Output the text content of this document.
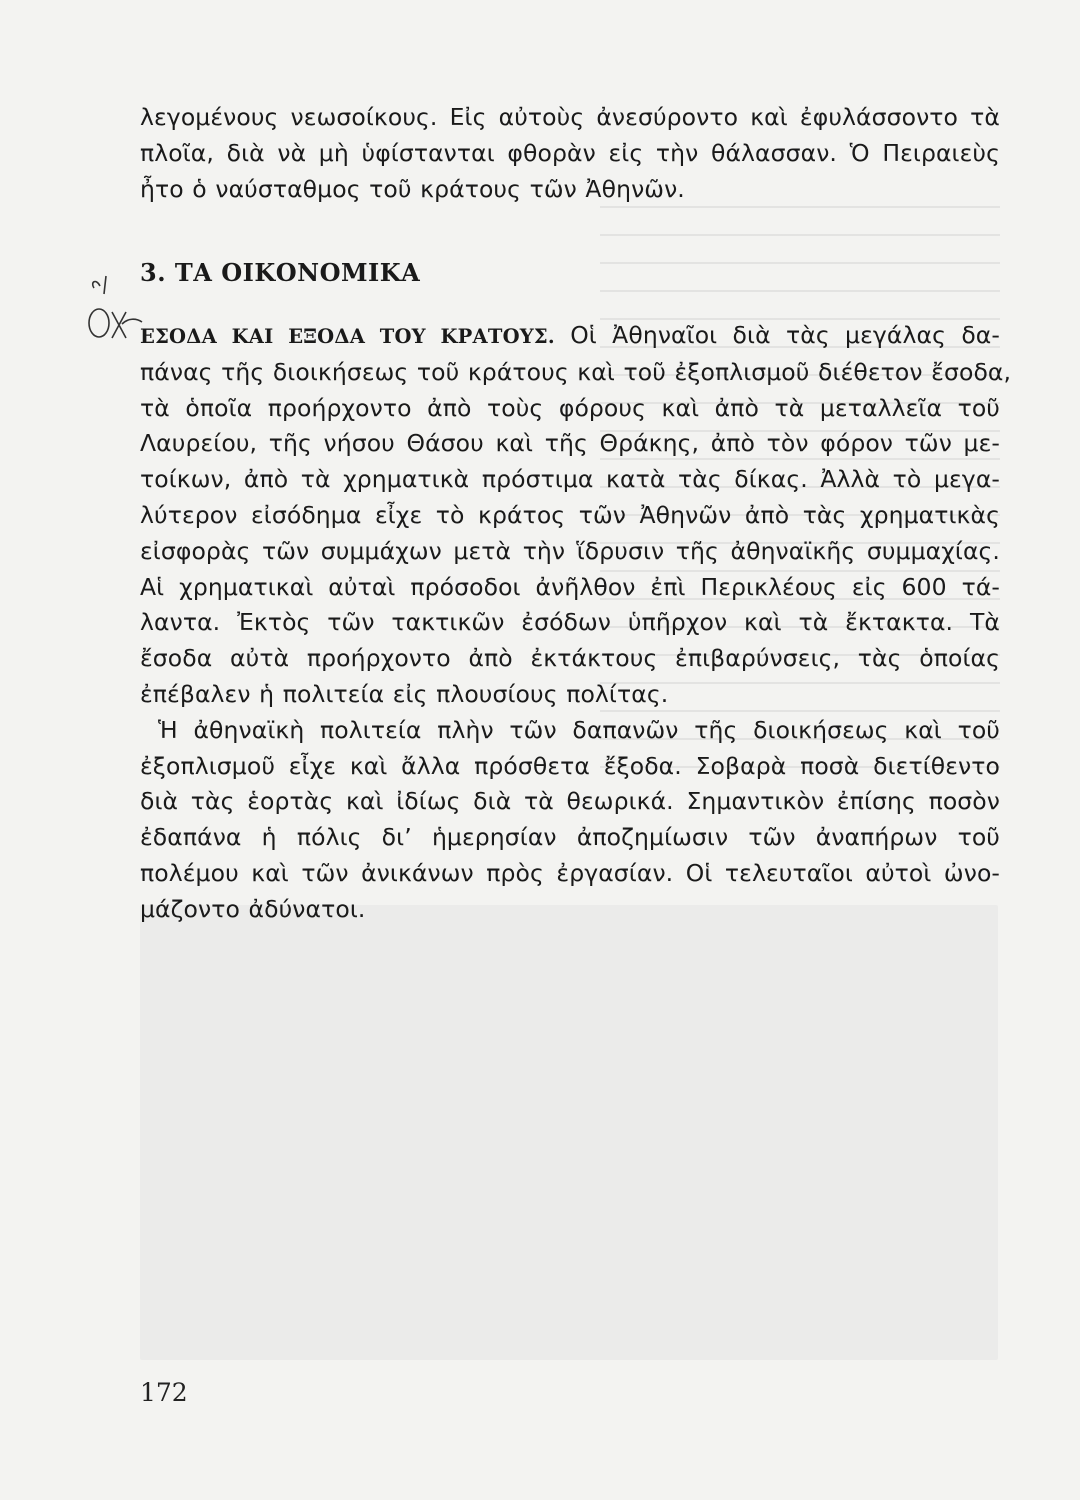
λεγομένους νεωσοίκους. Εἰς αὐτοὺς ἀνεσύροντο καὶ ἐφυλάσσοντο τὰ
πλοῖα, διὰ νὰ μὴ ὑφίστανται φθορὰν εἰς τὴν θάλασσαν. Ὁ Πειραιεὺς
ἦτο ὁ ναύσταθμος τοῦ κράτους τῶν Ἀθηνῶν.
3. ΤΑ ΟΙΚΟΝΟΜΙΚΑ
ΕΣΟΔΑ ΚΑΙ ΕΞΟΔΑ ΤΟΥ ΚΡΑΤΟΥΣ. Οἱ Ἀθηναῖοι διὰ τὰς μεγάλας δα-
πάνας τῆς διοικήσεως τοῦ κράτους καὶ τοῦ ἐξοπλισμοῦ διέθετον ἔσοδα,
τὰ ὁποῖα προήρχοντο ἀπὸ τοὺς φόρους καὶ ἀπὸ τὰ μεταλλεῖα τοῦ
Λαυρείου, τῆς νήσου Θάσου καὶ τῆς Θράκης, ἀπὸ τὸν φόρον τῶν με-
τοίκων, ἀπὸ τὰ χρηματικὰ πρόστιμα κατὰ τὰς δίκας. Ἀλλὰ τὸ μεγα-
λύτερον εἰσόδημα εἶχε τὸ κράτος τῶν Ἀθηνῶν ἀπὸ τὰς χρηματικὰς
εἰσφορὰς τῶν συμμάχων μετὰ τὴν ἵδρυσιν τῆς ἀθηναϊκῆς συμμαχίας.
Αἱ χρηματικαὶ αὐταὶ πρόσοδοι ἀνῆλθον ἐπὶ Περικλέους εἰς 600 τά-
λαντα. Ἐκτὸς τῶν τακτικῶν ἐσόδων ὑπῆρχον καὶ τὰ ἔκτακτα. Τὰ
ἔσοδα αὐτὰ προήρχοντο ἀπὸ ἐκτάκτους ἐπιβαρύνσεις, τὰς ὁποίας
ἐπέβαλεν ἡ πολιτεία εἰς πλουσίους πολίτας.
Ἡ ἀθηναϊκὴ πολιτεία πλὴν τῶν δαπανῶν τῆς διοικήσεως καὶ τοῦ
ἐξοπλισμοῦ εἶχε καὶ ἄλλα πρόσθετα ἔξοδα. Σοβαρὰ ποσὰ διετίθεντο
διὰ τὰς ἑορτὰς καὶ ἰδίως διὰ τὰ θεωρικά. Σημαντικὸν ἐπίσης ποσὸν
ἐδαπάνα ἡ πόλις δι’ ἡμερησίαν ἀποζημίωσιν τῶν ἀναπήρων τοῦ
πολέμου καὶ τῶν ἀνικάνων πρὸς ἐργασίαν. Οἱ τελευταῖοι αὐτοὶ ὠνο-
μάζοντο ἀδύνατοι.
172
